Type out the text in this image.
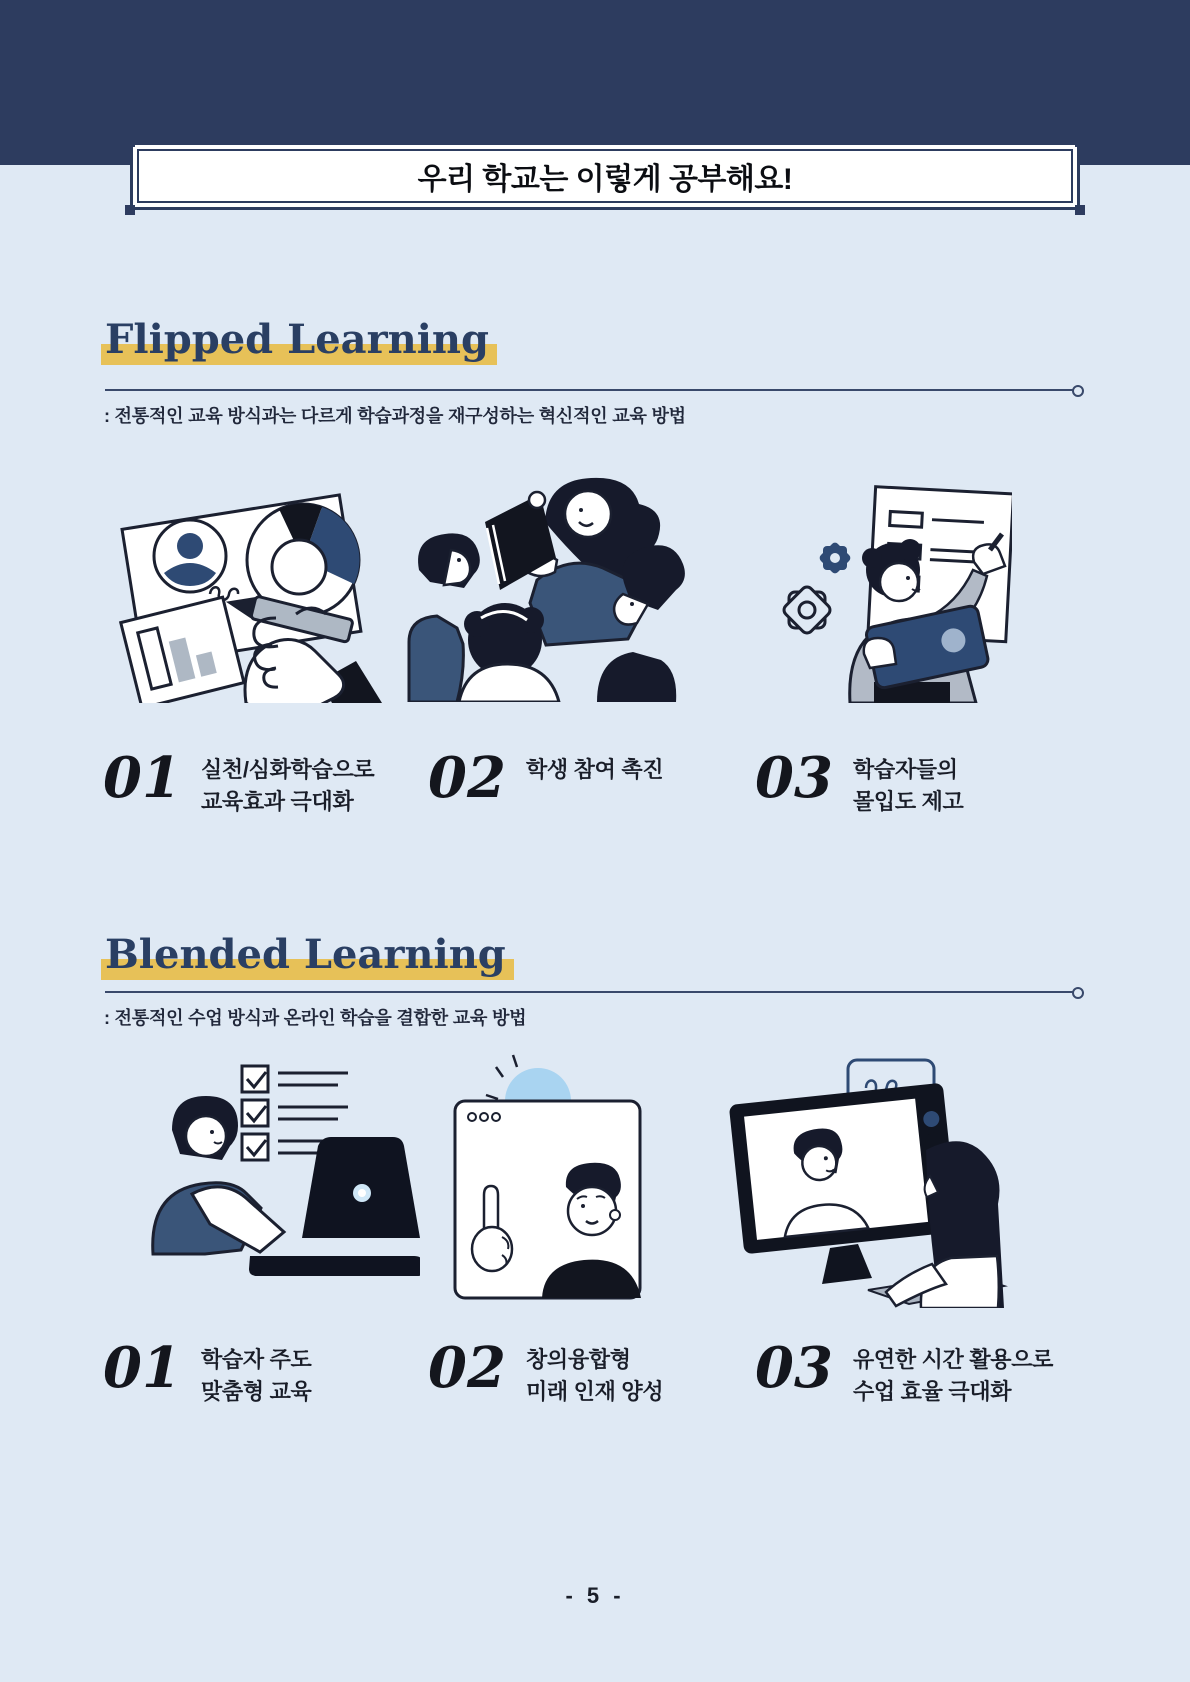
우리 학교는 이렇게 공부해요!
Flipped Learning
: 전통적인 교육 방식과는 다르게 학습과정을 재구성하는 혁신적인 교육 방법
01 실천/심화학습으로
교육효과 극대화	02 학생 참여 촉진 03 학습자들의
몰입도 제고
Blended Learning
: 전통적인 수업 방식과 온라인 학습을 결합한 교육 방법
01 학습자 주도
맞춤형 교육 02 창의융합형
미래 인재 양성 03 유연한 시간 활용으로
수업 효율 극대화
- 5 -
